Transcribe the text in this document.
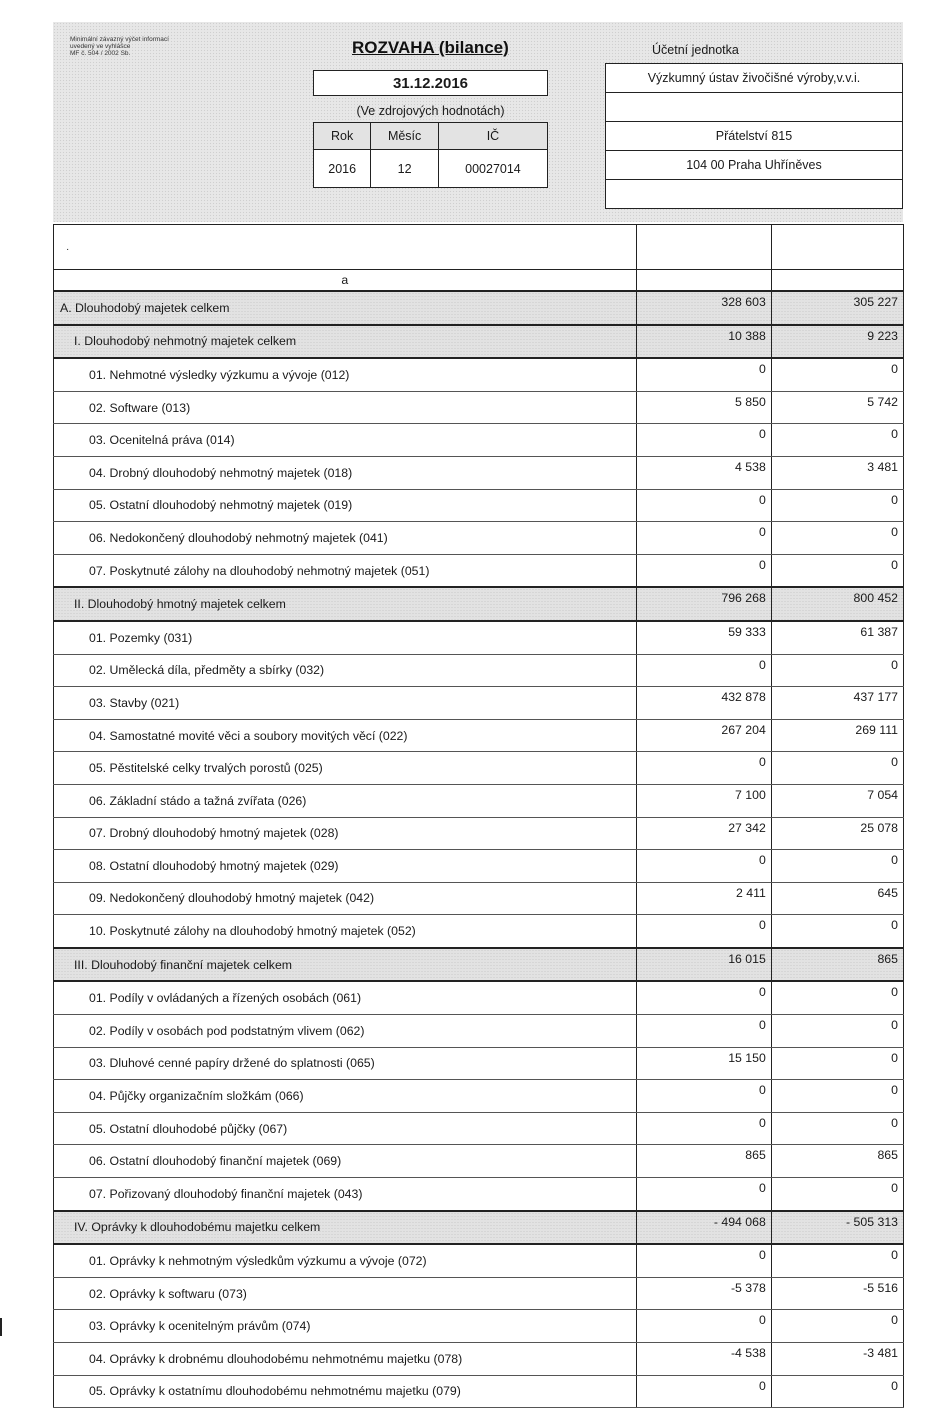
Minimální závazný výčet informací
uvedený ve vyhlášce
MF č. 504 / 2002 Sb.	ROZVAHA (bilance)
31.12.2016
(Ve zdrojových hodnotách)
Rok	Měsíc	IČ
2016	12	00027014
Účetní jednotka
Výzkumný ústav živočišné výroby,v.v.i.
Přátelství 815
104 00 Praha Uhříněves
·

a		
A. Dlouhodobý majetek celkem	328 603	305 227
I. Dlouhodobý nehmotný majetek celkem	10 388	9 223
01. Nehmotné výsledky výzkumu a vývoje (012)	0	0
02. Software (013)	5 850	5 742
03. Ocenitelná práva (014)	0	0
04. Drobný dlouhodobý nehmotný majetek (018)	4 538	3 481
05. Ostatní dlouhodobý nehmotný majetek (019)	0	0
06. Nedokončený dlouhodobý nehmotný majetek (041)	0	0
07. Poskytnuté zálohy na dlouhodobý nehmotný majetek (051)	0	0
II. Dlouhodobý hmotný majetek celkem	796 268	800 452
01. Pozemky (031)	59 333	61 387
02. Umělecká díla, předměty a sbírky (032)	0	0
03. Stavby (021)	432 878	437 177
04. Samostatné movité věci a soubory movitých věcí (022)	267 204	269 111
05. Pěstitelské celky trvalých porostů (025)	0	0
06. Základní stádo a tažná zvířata (026)	7 100	7 054
07. Drobný dlouhodobý hmotný majetek (028)	27 342	25 078
08. Ostatní dlouhodobý hmotný majetek (029)	0	0
09. Nedokončený dlouhodobý hmotný majetek (042)	2 411	645
10. Poskytnuté zálohy na dlouhodobý hmotný majetek (052)	0	0
III. Dlouhodobý finanční majetek celkem	16 015	865
01. Podíly v ovládaných a řízených osobách (061)	0	0
02. Podíly v osobách pod podstatným vlivem (062)	0	0
03. Dluhové cenné papíry držené do splatnosti (065)	15 150	0
04. Půjčky organizačním složkám (066)	0	0
05. Ostatní dlouhodobé půjčky (067)	0	0
06. Ostatní dlouhodobý finanční majetek (069)	865	865
07. Pořizovaný dlouhodobý finanční majetek (043)	0	0
IV. Oprávky k dlouhodobému majetku celkem	- 494 068	- 505 313
01. Oprávky k nehmotným výsledkům výzkumu a vývoje (072)	0	0
02. Oprávky k softwaru (073)	-5 378	-5 516
03. Oprávky k ocenitelným právům (074)	0	0
04. Oprávky k drobnému dlouhodobému nehmotnému majetku (078)	-4 538	-3 481
05. Oprávky k ostatnímu dlouhodobému nehmotnému majetku (079)	0	0
